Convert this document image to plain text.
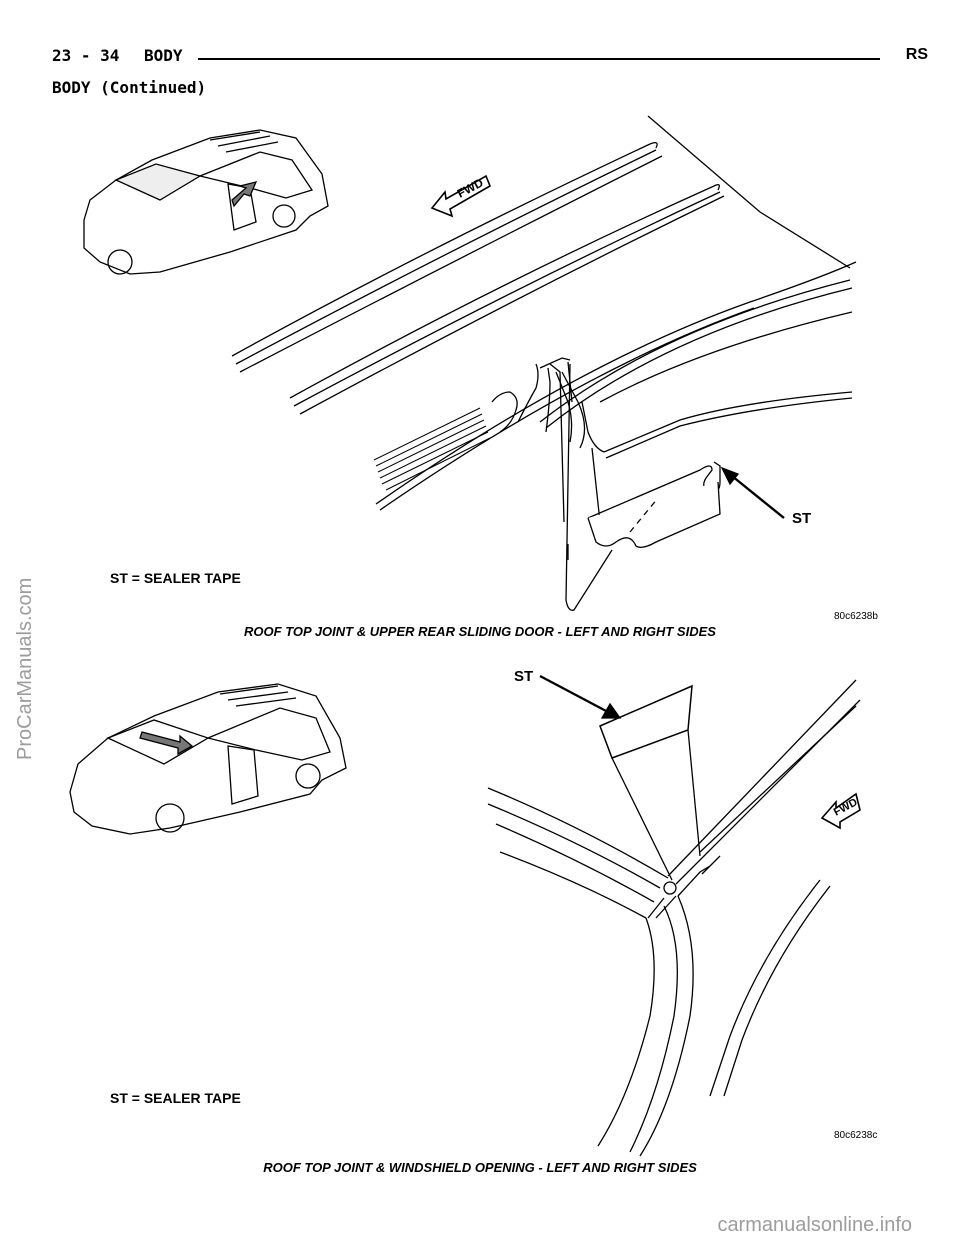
23 - 34 BODY	RS
BODY (Continued)
ProCarManuals.com
FWD
ST
ST = SEALER TAPE
80c6238b
ROOF TOP JOINT & UPPER REAR SLIDING DOOR - LEFT AND RIGHT SIDES
FWD
ST
ST = SEALER TAPE
80c6238c
ROOF TOP JOINT & WINDSHIELD OPENING - LEFT AND RIGHT SIDES
carmanualsonline.info
